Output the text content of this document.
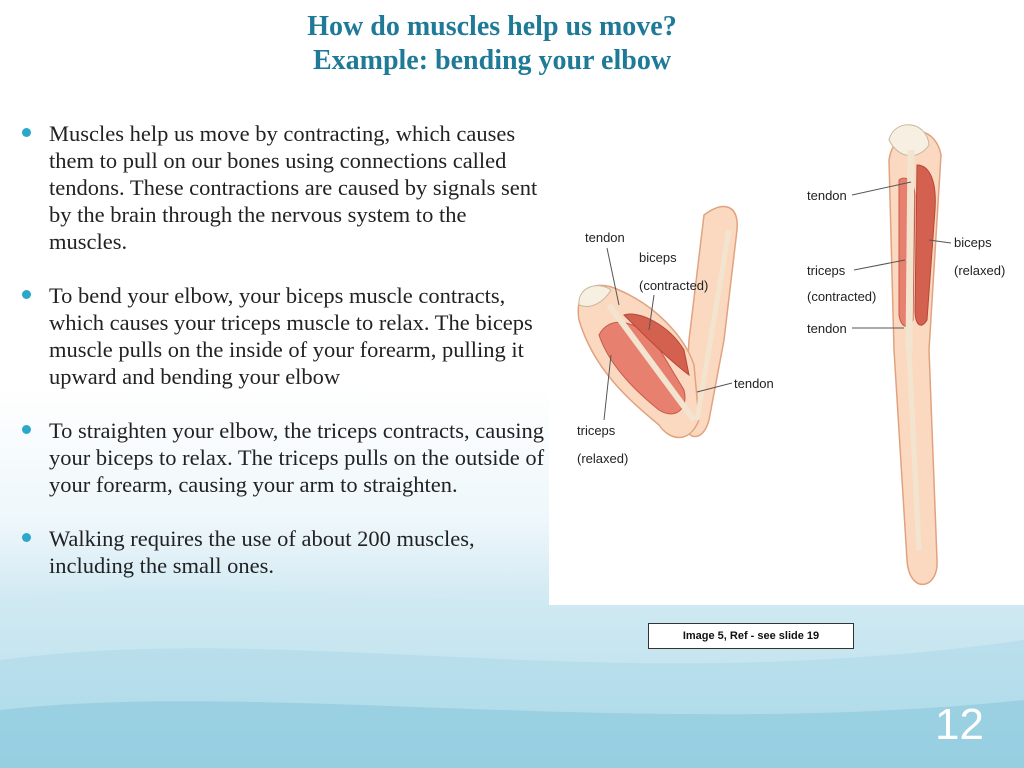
How do muscles help us move?
Example: bending your elbow
Muscles help us move by contracting, which causes them to pull on our bones using connections called tendons. These contractions are caused by signals sent by the brain through the nervous system to the muscles.
To bend your elbow, your biceps muscle contracts, which causes your triceps muscle to relax. The biceps muscle pulls on the inside of your forearm, pulling it upward and bending your elbow
To straighten your elbow, the triceps contracts, causing your biceps to relax. The triceps pulls on the outside of your forearm, causing your arm to straighten.
Walking requires the use of about 200 muscles, including the small ones.
tendon
biceps
(contracted)
tendon
triceps
(relaxed)
tendon
biceps
(relaxed)
triceps
(contracted)
tendon
Image 5, Ref - see slide 19
12
